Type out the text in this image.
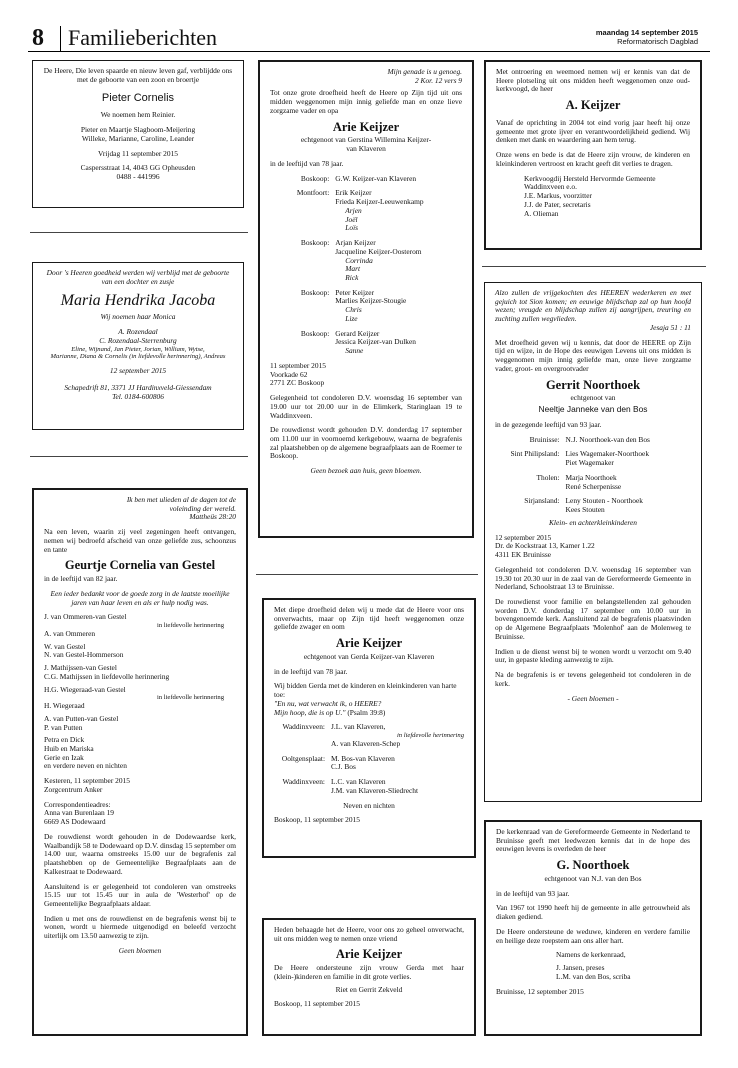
8 Familieberichten	maandag 14 september 2015
Reformatorisch Dagblad

De Heere, Die leven spaarde en nieuw leven gaf, verblijdde ons met de geboorte van een zoon en broertje

Pieter Cornelis

We noemen hem Reinier.

Pieter en Maartje Slagboom-Meijering

Willeke, Marianne, Caroline, Leander

Vrijdag 11 september 2015

Caspersstraat 14, 4043 GG Opheusden

0488 - 441996

Door 's Heeren goedheid werden wij verblijd met de geboorte van een dochter en zusje

Maria Hendrika Jacoba

Wij noemen haar Monica

A. Rozendaal

C. Rozendaal-Sterrenburg

Eline, Wijnand, Jan Pieter, Jorian, William, Wytse,

Marianne, Diana & Cornelis (in liefdevolle herinnering), Andreas

12 september 2015

Schapedrift 81, 3371 JJ Hardinxveld-Giessendam

Tel. 0184-600806

Ik ben met ulieden al de dagen tot de voleinding der wereld.

Mattheüs 28:20

Na een leven, waarin zij veel zegeningen heeft ontvangen, nemen wij bedroefd afscheid van onze geliefde zus, schoonzus en tante

Geurtje Cornelia van Gestel

in de leeftijd van 82 jaar.

Een ieder bedankt voor de goede zorg in de laatste moeilijke jaren van haar leven en als er hulp nodig was.

J. van Ommeren-van Gestel

in liefdevolle herinnering

A. van Ommeren

W. van Gestel

N. van Gestel-Hommerson

J. Mathijssen-van Gestel

C.G. Mathijssen in liefdevolle herinnering

H.G. Wiegeraad-van Gestel

in liefdevolle herinnering

H. Wiegeraad

A. van Putten-van Gestel

P. van Putten

Petra en Dick

Huib en Mariska

Gerie en Izak

en verdere neven en nichten

Kesteren, 11 september 2015

Zorgcentrum Anker

Correspondentieadres:

Anna van Burenlaan 19

6669 AS Dodewaard

De rouwdienst wordt gehouden in de Dodewaardse kerk, Waalbandijk 58 te Dodewaard op D.V. dinsdag 15 september om 14.00 uur, waarna omstreeks 15.00 uur de begrafenis zal plaatshebben op de Gemeentelijke Begraafplaats aan de Kalkestraat te Dodewaard.

Aansluitend is er gelegenheid tot condoleren van omstreeks 15.15 uur tot 15.45 uur in aula de 'Westerhof' op de Gemeentelijke Begraafplaats aldaar.

Indien u met ons de rouwdienst en de begrafenis wenst bij te wonen, wordt u hiermede uitgenodigd en beleefd verzocht uiterlijk om 13.50 aanwezig te zijn.

Geen bloemen

Mijn genade is u genoeg.

2 Kor. 12 vers 9

Tot onze grote droefheid heeft de Heere op Zijn tijd uit ons midden weggenomen mijn innig geliefde man en onze lieve zorgzame vader en opa

Arie Keijzer

echtgenoot van Gerstina Willemina Keijzer-

van Klaveren

in de leeftijd van 78 jaar.

Boskoop:	G.W. Keijzer-van Klaveren
Montfoort:	Erik Keijzer
	Frieda Keijzer-Leeuwenkamp
	Arjen
	Joël
	Loïs
Boskoop:	Arjan Keijzer
	Jacqueline Keijzer-Oosterom
	Corrinda
	Mart
	Rick
Boskoop:	Peter Keijzer
	Marlies Keijzer-Stougie
	Chris
	Lize
Boskoop:	Gerard Keijzer
	Jessica Keijzer-van Dulken
	Sanne

11 september 2015

Voorkade 62

2771 ZC Boskoop

Gelegenheid tot condoleren D.V. woensdag 16 september van 19.00 uur tot 20.00 uur in de Elimkerk, Staringlaan 19 te Waddinxveen.

De rouwdienst wordt gehouden D.V. donderdag 17 september om 11.00 uur in voornoemd kerkgebouw, waarna de begrafenis zal plaatshebben op de algemene begraafplaats aan de Roemer te Boskoop.

Geen bezoek aan huis, geen bloemen.

Met diepe droefheid delen wij u mede dat de Heere voor ons onverwachts, maar op Zijn tijd heeft weggenomen onze geliefde zwager en oom

Arie Keijzer

echtgenoot van Gerda Keijzer-van Klaveren

in de leeftijd van 78 jaar.

Wij bidden Gerda met de kinderen en kleinkinderen van harte toe:

"En nu, wat verwacht ik, o HEERE?

Mijn hoop, die is op U." (Psalm 39:8)

Waddinxveen:	J.L. van Klaveren,
	in liefdevolle herinnering
	A. van Klaveren-Schep
Ooltgensplaat:	M. Bos-van Klaveren
	C.J. Bos
Waddinxveen:	L.C. van Klaveren
	J.M. van Klaveren-Sliedrecht

Neven en nichten

Boskoop, 11 september 2015

Heden behaagde het de Heere, voor ons zo geheel onverwacht, uit ons midden weg te nemen onze vriend

Arie Keijzer

De Heere ondersteune zijn vrouw Gerda met haar (klein-)kinderen en familie in dit grote verlies.

Riet en Gerrit Zekveld

Boskoop, 11 september 2015

Met ontroering en weemoed nemen wij er kennis van dat de Heere plotseling uit ons midden heeft weggenomen onze oud-kerkvoogd, de heer

A. Keijzer

Vanaf de oprichting in 2004 tot eind vorig jaar heeft hij onze gemeente met grote ijver en verantwoordelijkheid gediend. Wij denken met dank en waardering aan hem terug.

Onze wens en bede is dat de Heere zijn vrouw, de kinderen en kleinkinderen vertroost en kracht geeft dit verlies te dragen.

Kerkvoogdij Hersteld Hervormde Gemeente

Waddinxveen e.o.

J.E. Markus, voorzitter

J.J. de Pater, secretaris

A. Olieman

Alzo zullen de vrijgekochten des HEEREN wederkeren en met gejuich tot Sion komen; en eeuwige blijdschap zal op hun hoofd wezen; vreugde en blijdschap zullen zij aangrijpen, treuring en zuchting zullen wegvlieden.

Jesaja 51 : 11

Met droefheid geven wij u kennis, dat door de HEERE op Zijn tijd en wijze, in de Hope des eeuwigen Levens uit ons midden is weggenomen mijn innig geliefde man, onze lieve zorgzame vader, groot- en overgrootvader

Gerrit Noorthoek

echtgenoot van

Neeltje Janneke van den Bos

in de gezegende leeftijd van 93 jaar.

Bruinisse:	N.J. Noorthoek-van den Bos
Sint Philipsland:	Lies Wagemaker-Noorthoek
	Piet Wagemaker
Tholen:	Marja Noorthoek
	René Scherpenisse
Sirjansland:	Leny Stouten - Noorthoek
	Kees Stouten

Klein- en achterkleinkinderen

12 september 2015

Dr. de Kockstraat 13, Kamer 1.22

4311 EK Bruinisse

Gelegenheid tot condoleren D.V. woensdag 16 september van 19.30 tot 20.30 uur in de zaal van de Gereformeerde Gemeente in Nederland, Schoolstraat 13 te Bruinisse.

De rouwdienst voor familie en belangstellenden zal gehouden worden D.V. donderdag 17 september om 10.00 uur in bovengenoemde kerk. Aansluitend zal de begrafenis plaatsvinden op de Algemene Begraafplaats 'Molenhof' aan de Molenweg te Bruinisse.

Indien u de dienst wenst bij te wonen wordt u verzocht om 9.40 uur, in gepaste kleding aanwezig te zijn.

Na de begrafenis is er tevens gelegenheid tot condoleren in de kerk.

- Geen bloemen -

De kerkenraad van de Gereformeerde Gemeente in Nederland te Bruinisse geeft met leedwezen kennis dat in de hope des eeuwigen levens is overleden de heer

G. Noorthoek

echtgenoot van N.J. van den Bos

in de leeftijd van 93 jaar.

Van 1967 tot 1990 heeft hij de gemeente in alle getrouwheid als diaken gediend.

De Heere ondersteune de weduwe, kinderen en verdere familie en heilige deze roepstem aan ons aller hart.

Namens de kerkenraad,

J. Jansen, preses

L.M. van den Bos, scriba

Bruinisse, 12 september 2015
